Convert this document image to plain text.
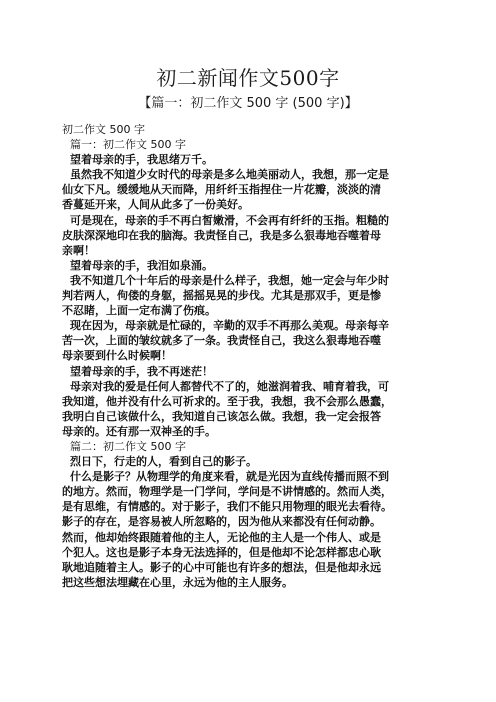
初二新闻作文500字
【篇一：初二作文 500 字 (500 字)】
初二作文 500 字
篇一：初二作文 500 字
望着母亲的手，我思绪万千。
虽然我不知道少女时代的母亲是多么地美丽动人，我想，那一定是
仙女下凡。缓缓地从天而降，用纤纤玉指捏住一片花瓣，淡淡的清
香蔓延开来，人间从此多了一份美好。
可是现在，母亲的手不再白皙嫩滑，不会再有纤纤的玉指。粗糙的
皮肤深深地印在我的脑海。我责怪自己，我是多么狠毒地吞噬着母
亲啊！
望着母亲的手，我泪如泉涌。
我不知道几个十年后的母亲是什么样子，我想，她一定会与年少时
判若两人，佝偻的身躯，摇摇晃晃的步伐。尤其是那双手，更是惨
不忍睹，上面一定布满了伤痕。
现在因为，母亲就是忙碌的，辛勤的双手不再那么美观。母亲每辛
苦一次，上面的皱纹就多了一条。我责怪自己，我这么狠毒地吞噬
母亲要到什么时候啊！
望着母亲的手，我不再迷茫！
母亲对我的爱是任何人都替代不了的，她滋润着我、哺育着我，可
我知道，他并没有什么可祈求的。至于我，我想，我不会那么愚蠢，
我明白自己该做什么，我知道自己该怎么做。我想，我一定会报答
母亲的。还有那一双神圣的手。
篇二：初二作文 500 字
烈日下，行走的人，看到自己的影子。
什么是影子？从物理学的角度来看，就是光因为直线传播而照不到
的地方。然而，物理学是一门学问，学问是不讲情感的。然而人类，
是有思维，有情感的。对于影子，我们不能只用物理的眼光去看待。
影子的存在，是容易被人所忽略的，因为他从来都没有任何动静。
然而，他却始终跟随着他的主人，无论他的主人是一个伟人、或是
个犯人。这也是影子本身无法选择的，但是他却不论怎样都忠心耿
耿地追随着主人。影子的心中可能也有许多的想法，但是他却永远
把这些想法埋藏在心里，永远为他的主人服务。
